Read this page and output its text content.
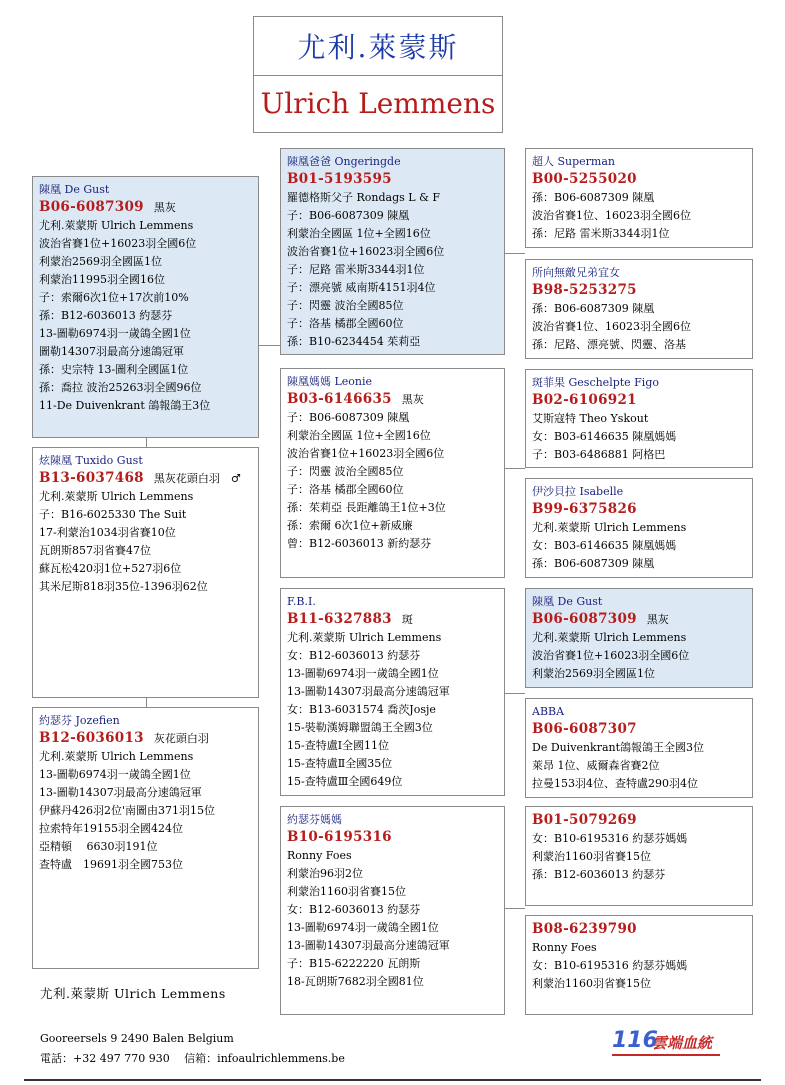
尤利.萊蒙斯
Ulrich Lemmens
陳凰 De Gust
B06-6087309 黑灰
尤利.萊蒙斯 Ulrich Lemmens
波治省賽1位+16023羽全國6位
利蒙治2569羽全國區1位
利蒙治11995羽全國16位
子：索爾6次1位+17次前10%
孫：B12-6036013 約瑟芬
13-圖勒6974羽一歲鴿全國1位
圖勒14307羽最高分速鴿冠軍
孫：史宗特 13-圖利全國區1位
孫：喬拉 波治25263羽全國96位
11-De Duivenkrant 鴿報鴿王3位
炫陳凰 Tuxido Gust
B13-6037468 黑灰花頭白羽　♂
尤利.萊蒙斯 Ulrich Lemmens
子：B16-6025330 The Suit
17-利蒙治1034羽省賽10位
瓦朗斯857羽省賽47位
蘇瓦松420羽1位+527羽6位
其米尼斯818羽35位-1396羽62位
約瑟芬 Jozefien
B12-6036013 灰花頭白羽
尤利.萊蒙斯 Ulrich Lemmens
13-圖勒6974羽一歲鴿全國1位
13-圖勒14307羽最高分速鴿冠軍
伊蘇丹426羽2位'南圖由371羽15位
拉索特年19155羽全國424位
亞精頓　 6630羽191位
查特盧　19691羽全國753位
陳凰爸爸 Ongeringde
B01-5193595
羅德格斯父子 Rondags L & F
子：B06-6087309 陳凰
利蒙治全國區 1位+全國16位
波治省賽1位+16023羽全國6位
子：尼路 雷米斯3344羽1位
子：漂亮號 威南斯4151羽4位
子：閃靈 波治全國85位
子：洛基 橘郡全國60位
孫：B10-6234454 茱莉亞
陳凰媽媽 Leonie
B03-6146635 黑灰
子：B06-6087309 陳凰
利蒙治全國區 1位+全國16位
波治省賽1位+16023羽全國6位
子：閃靈 波治全國85位
子：洛基 橘郡全國60位
孫：茱莉亞 長距離鴿王1位+3位
孫：索爾 6次1位+新威廉
曾：B12-6036013 新約瑟芬
F.B.I.
B11-6327883 斑
尤利.萊蒙斯 Ulrich Lemmens
女：B12-6036013 約瑟芬
13-圖勒6974羽一歲鴿全國1位
13-圖勒14307羽最高分速鴿冠軍
女：B13-6031574 喬茨Josje
15-裝勒漢姆聯盟鴿王全國3位
15-查特盧Ⅰ全國11位
15-查特盧Ⅱ全國35位
15-查特盧Ⅲ全國649位
約瑟芬媽媽
B10-6195316
Ronny Foes
利蒙治96羽2位
利蒙治1160羽省賽15位
女：B12-6036013 約瑟芬
13-圖勒6974羽一歲鴿全國1位
13-圖勒14307羽最高分速鴿冠軍
子：B15-6222220 瓦朗斯
18-瓦朗斯7682羽全國81位
超人 Superman
B00-5255020
孫：B06-6087309 陳凰
波治省賽1位、16023羽全國6位
孫：尼路 雷米斯3344羽1位
所向無敵兄弟宜女
B98-5253275
孫：B06-6087309 陳凰
波治省賽1位、16023羽全國6位
孫：尼路、漂亮號、閃靈、洛基
斑菲果 Geschelpte Figo
B02-6106921
艾斯寇特 Theo Yskout
女：B03-6146635 陳凰媽媽
子：B03-6486881 阿格巴
伊沙貝拉 Isabelle
B99-6375826
尤利.萊蒙斯 Ulrich Lemmens
女：B03-6146635 陳凰媽媽
孫：B06-6087309 陳凰
陳凰 De Gust
B06-6087309 黑灰
尤利.萊蒙斯 Ulrich Lemmens
波治省賽1位+16023羽全國6位
利蒙治2569羽全國區1位
ABBA
B06-6087307
De Duivenkrant鴿報鴿王全國3位
萊昂 1位、威爾森省賽2位
拉曼153羽4位、查特盧290羽4位
B01-5079269
女：B10-6195316 約瑟芬媽媽
利蒙治1160羽省賽15位
孫：B12-6036013 約瑟芬
B08-6239790
Ronny Foes
女：B10-6195316 約瑟芬媽媽
利蒙治1160羽省賽15位
尤利.萊蒙斯 Ulrich Lemmens
Gooreersels 9 2490 Balen Belgium
電話：+32 497 770 930　 信箱：infoaulrichlemmens.be
116
雲端血統
